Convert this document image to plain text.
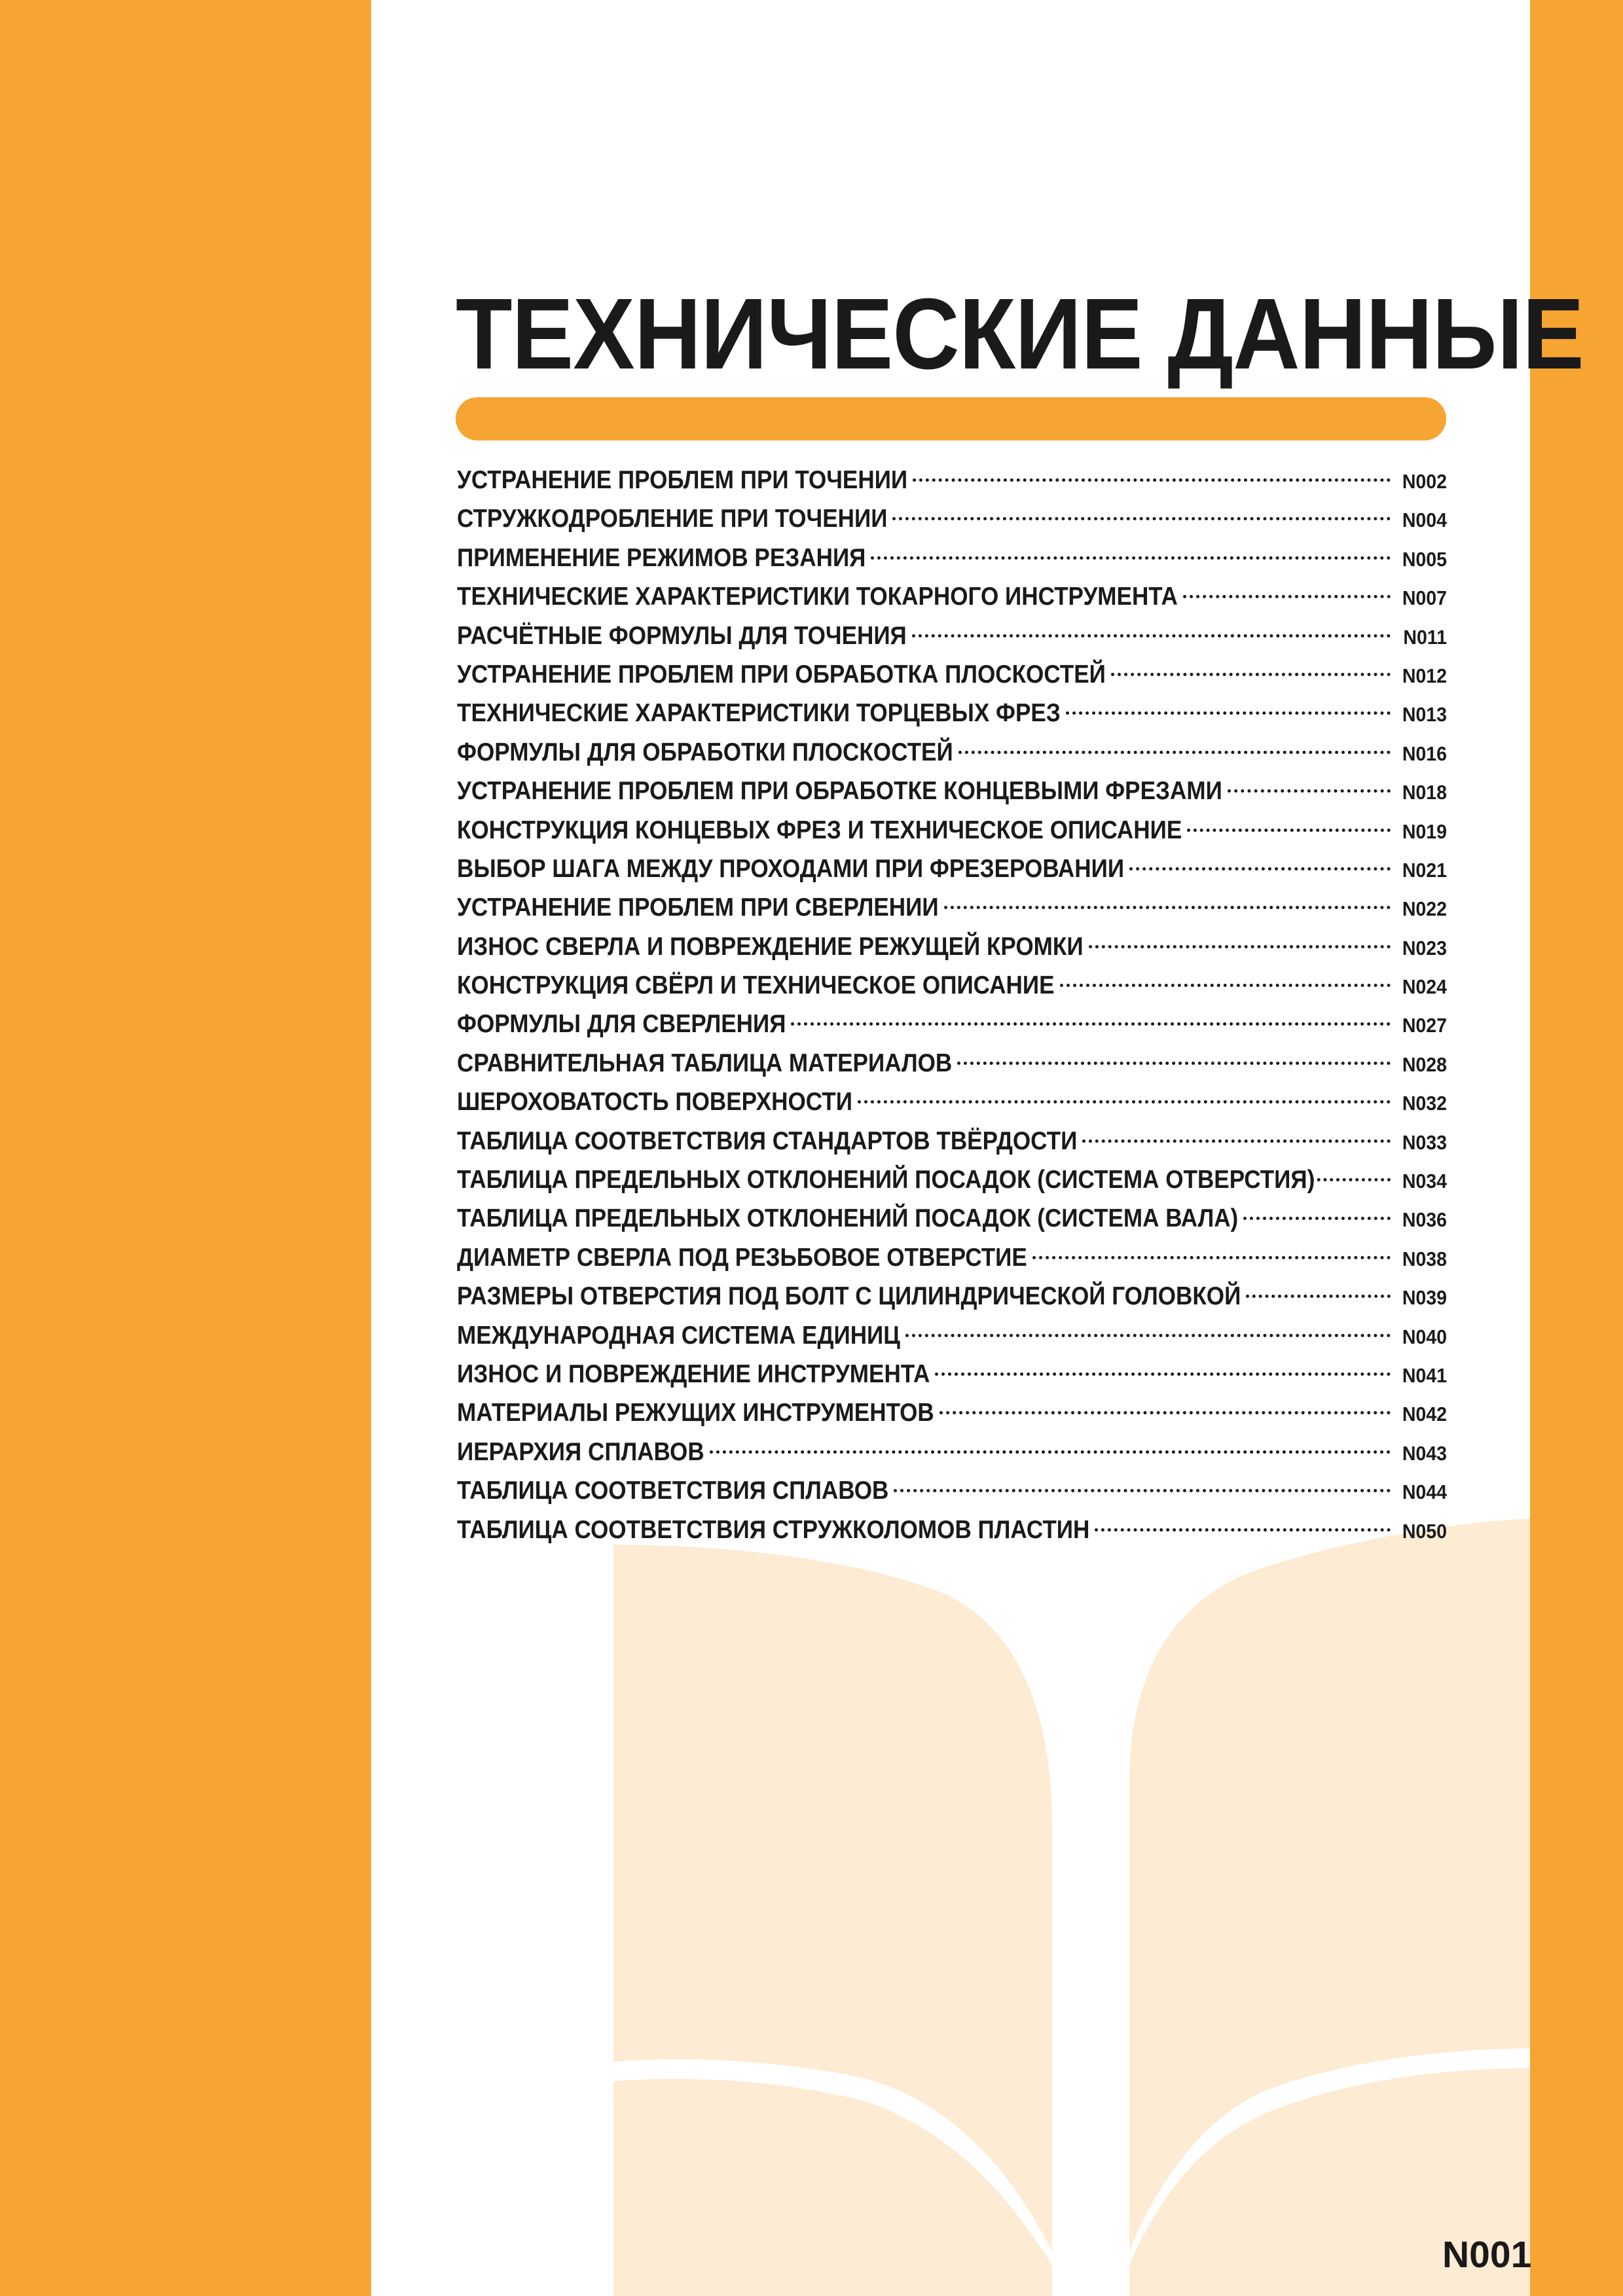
ТЕХНИЧЕСКИЕ ДАННЫЕ
УСТРАНЕНИЕ ПРОБЛЕМ ПРИ ТОЧЕНИИ	N002
СТРУЖКОДРОБЛЕНИЕ ПРИ ТОЧЕНИИ	N004
ПРИМЕНЕНИЕ РЕЖИМОВ РЕЗАНИЯ	N005
ТЕХНИЧЕСКИЕ ХАРАКТЕРИСТИКИ ТОКАРНОГО ИНСТРУМЕНТА	N007
РАСЧЁТНЫЕ ФОРМУЛЫ ДЛЯ ТОЧЕНИЯ	N011
УСТРАНЕНИЕ ПРОБЛЕМ ПРИ ОБРАБОТКА ПЛОСКОСТЕЙ	N012
ТЕХНИЧЕСКИЕ ХАРАКТЕРИСТИКИ ТОРЦЕВЫХ ФРЕЗ	N013
ФОРМУЛЫ ДЛЯ ОБРАБОТКИ ПЛОСКОСТЕЙ	N016
УСТРАНЕНИЕ ПРОБЛЕМ ПРИ ОБРАБОТКЕ КОНЦЕВЫМИ ФРЕЗАМИ	N018
КОНСТРУКЦИЯ КОНЦЕВЫХ ФРЕЗ И ТЕХНИЧЕСКОЕ ОПИСАНИЕ	N019
ВЫБОР ШАГА МЕЖДУ ПРОХОДАМИ ПРИ ФРЕЗЕРОВАНИИ	N021
УСТРАНЕНИЕ ПРОБЛЕМ ПРИ СВЕРЛЕНИИ	N022
ИЗНОС СВЕРЛА И ПОВРЕЖДЕНИЕ РЕЖУЩЕЙ КРОМКИ	N023
КОНСТРУКЦИЯ СВЁРЛ И ТЕХНИЧЕСКОЕ ОПИСАНИЕ	N024
ФОРМУЛЫ ДЛЯ СВЕРЛЕНИЯ	N027
СРАВНИТЕЛЬНАЯ ТАБЛИЦА МАТЕРИАЛОВ	N028
ШЕРОХОВАТОСТЬ ПОВЕРХНОСТИ	N032
ТАБЛИЦА СООТВЕТСТВИЯ СТАНДАРТОВ ТВЁРДОСТИ	N033
ТАБЛИЦА ПРЕДЕЛЬНЫХ ОТКЛОНЕНИЙ ПОСАДОК (СИСТЕМА ОТВЕРСТИЯ)	N034
ТАБЛИЦА ПРЕДЕЛЬНЫХ ОТКЛОНЕНИЙ ПОСАДОК (СИСТЕМА ВАЛА)	N036
ДИАМЕТР СВЕРЛА ПОД РЕЗЬБОВОЕ ОТВЕРСТИЕ	N038
РАЗМЕРЫ ОТВЕРСТИЯ ПОД БОЛТ С ЦИЛИНДРИЧЕСКОЙ ГОЛОВКОЙ	N039
МЕЖДУНАРОДНАЯ СИСТЕМА ЕДИНИЦ	N040
ИЗНОС И ПОВРЕЖДЕНИЕ ИНСТРУМЕНТА	N041
МАТЕРИАЛЫ РЕЖУЩИХ ИНСТРУМЕНТОВ	N042
ИЕРАРХИЯ СПЛАВОВ	N043
ТАБЛИЦА СООТВЕТСТВИЯ СПЛАВОВ	N044
ТАБЛИЦА СООТВЕТСТВИЯ СТРУЖКОЛОМОВ ПЛАСТИН	N050
N001
